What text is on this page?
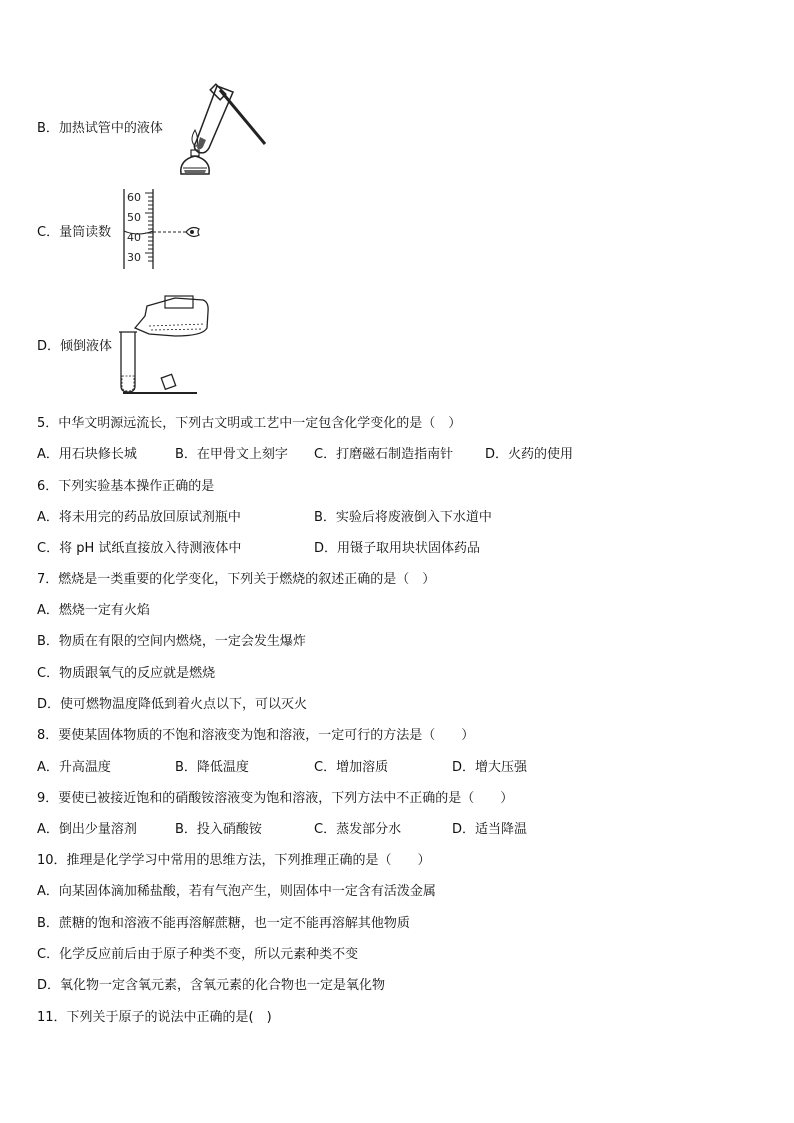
B．加热试管中的液体
C．量筒读数
60
50
40
30
D．倾倒液体
5．中华文明源远流长，下列古文明或工艺中一定包含化学变化的是（　）
A．用石块修长城	B．在甲骨文上刻字 C．打磨磁石制造指南针 D．火药的使用
6．下列实验基本操作正确的是
A．将未用完的药品放回原试剂瓶中	B．实验后将废液倒入下水道中
C．将 pH 试纸直接放入待测液体中	D．用镊子取用块状固体药品
7．燃烧是一类重要的化学变化，下列关于燃烧的叙述正确的是（　）
A．燃烧一定有火焰
B．物质在有限的空间内燃烧，一定会发生爆炸
C．物质跟氧气的反应就是燃烧
D．使可燃物温度降低到着火点以下，可以灭火
8．要使某固体物质的不饱和溶液变为饱和溶液，一定可行的方法是（　　）
A．升高温度	B．降低温度	C．增加溶质	D．增大压强
9．要使已被接近饱和的硝酸铵溶液变为饱和溶液，下列方法中不正确的是（　　）
A．倒出少量溶剂	B．投入硝酸铵	C．蒸发部分水	D．适当降温
10．推理是化学学习中常用的思维方法，下列推理正确的是（　　）
A．向某固体滴加稀盐酸，若有气泡产生，则固体中一定含有活泼金属
B．蔗糖的饱和溶液不能再溶解蔗糖，也一定不能再溶解其他物质
C．化学反应前后由于原子种类不变，所以元素种类不变
D．氧化物一定含氧元素，含氧元素的化合物也一定是氧化物
11．下列关于原子的说法中正确的是(　)
